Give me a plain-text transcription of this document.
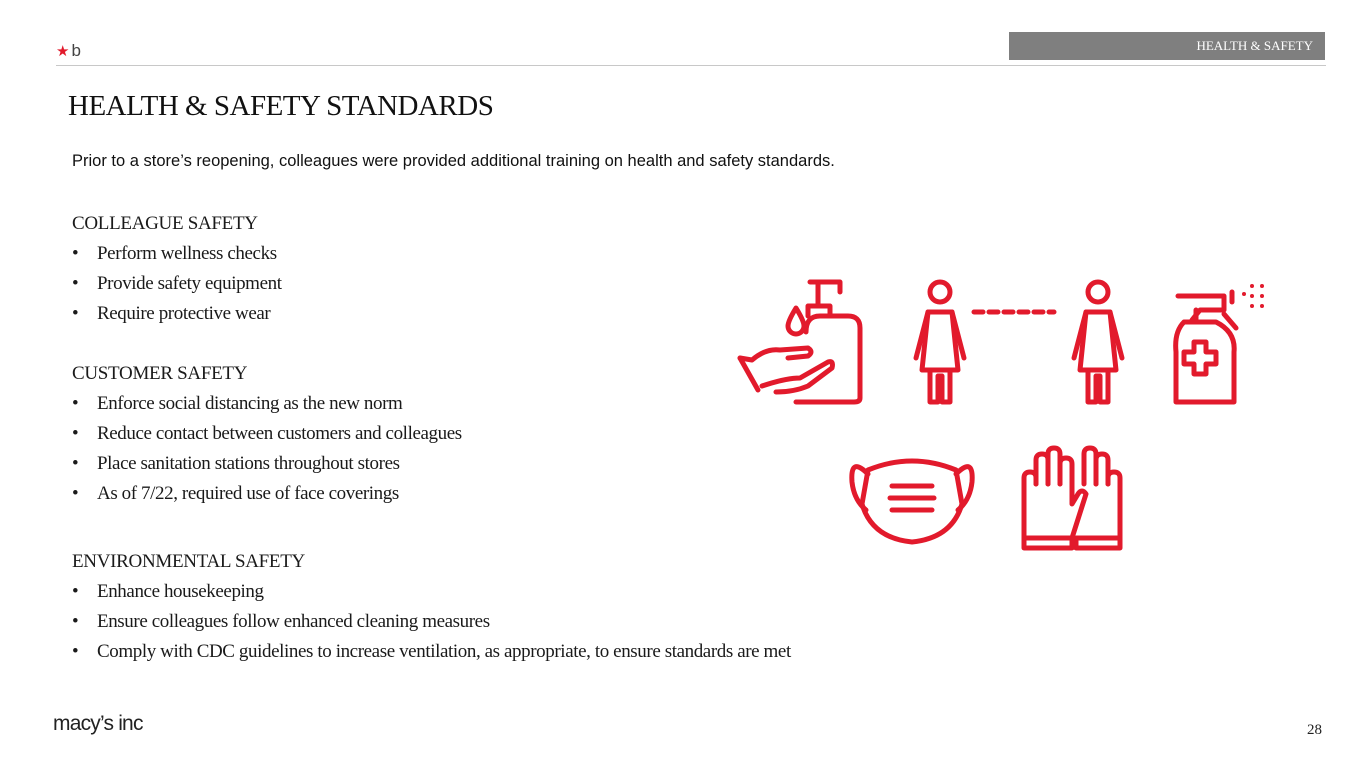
★ b	HEALTH & SAFETY
HEALTH & SAFETY STANDARDS
Prior to a store’s reopening, colleagues were provided additional training on health and safety standards.
COLLEAGUE SAFETY
• Perform wellness checks
• Provide safety equipment
• Require protective wear
CUSTOMER SAFETY
• Enforce social distancing as the new norm
• Reduce contact between customers and colleagues
• Place sanitation stations throughout stores
• As of 7/22, required use of face coverings
ENVIRONMENTAL SAFETY
• Enhance housekeeping
• Ensure colleagues follow enhanced cleaning measures
• Comply with CDC guidelines to increase ventilation, as appropriate, to ensure standards are met
macy’s inc	28
